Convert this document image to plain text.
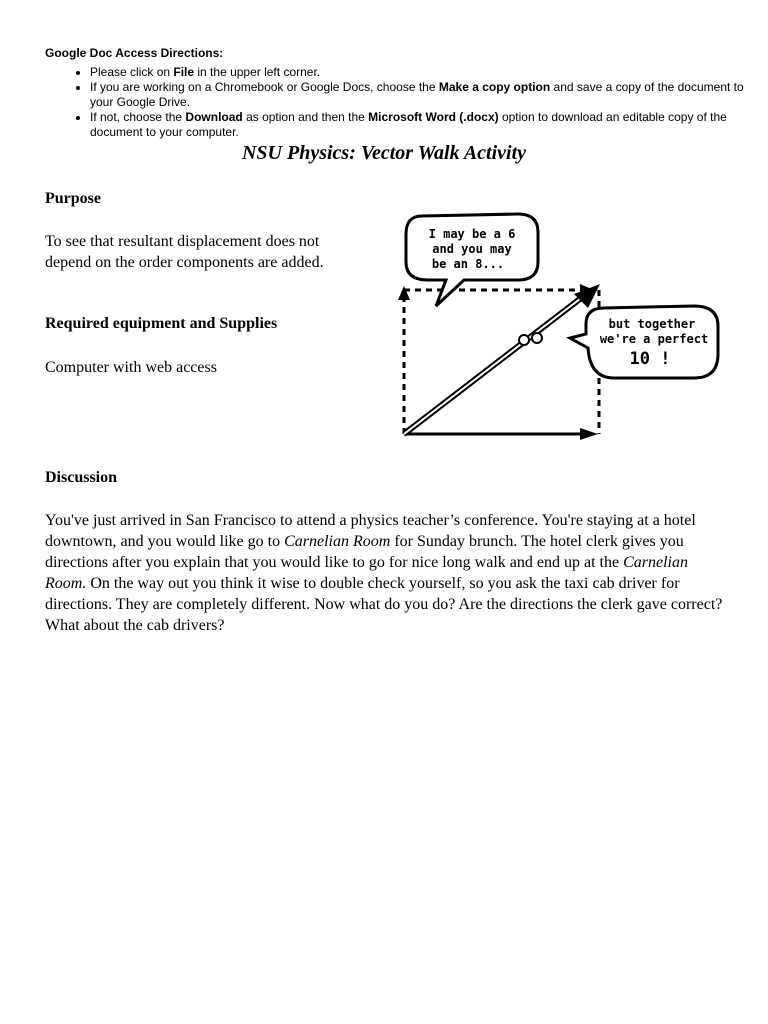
Google Doc Access Directions:

• Please click on File in the upper left corner.
• If you are working on a Chromebook or Google Docs, choose the Make a copy option and save a copy of the document to your Google Drive.
• If not, choose the Download as option and then the Microsoft Word (.docx) option to download an editable copy of the document to your computer.
NSU Physics: Vector Walk Activity

Purpose

To see that resultant displacement does not depend on the order components are added.

Required equipment and Supplies

Computer with web access

I may be a 6
and you may
be an 8...
but together
we're a perfect
10 !

Discussion

You've just arrived in San Francisco to attend a physics teacher’s conference. You're staying at a hotel downtown, and you would like go to Carnelian Room for Sunday brunch. The hotel clerk gives you directions after you explain that you would like to go for nice long walk and end up at the Carnelian Room. On the way out you think it wise to double check yourself, so you ask the taxi cab driver for directions. They are completely different. Now what do you do? Are the directions the clerk gave correct? What about the cab drivers?
